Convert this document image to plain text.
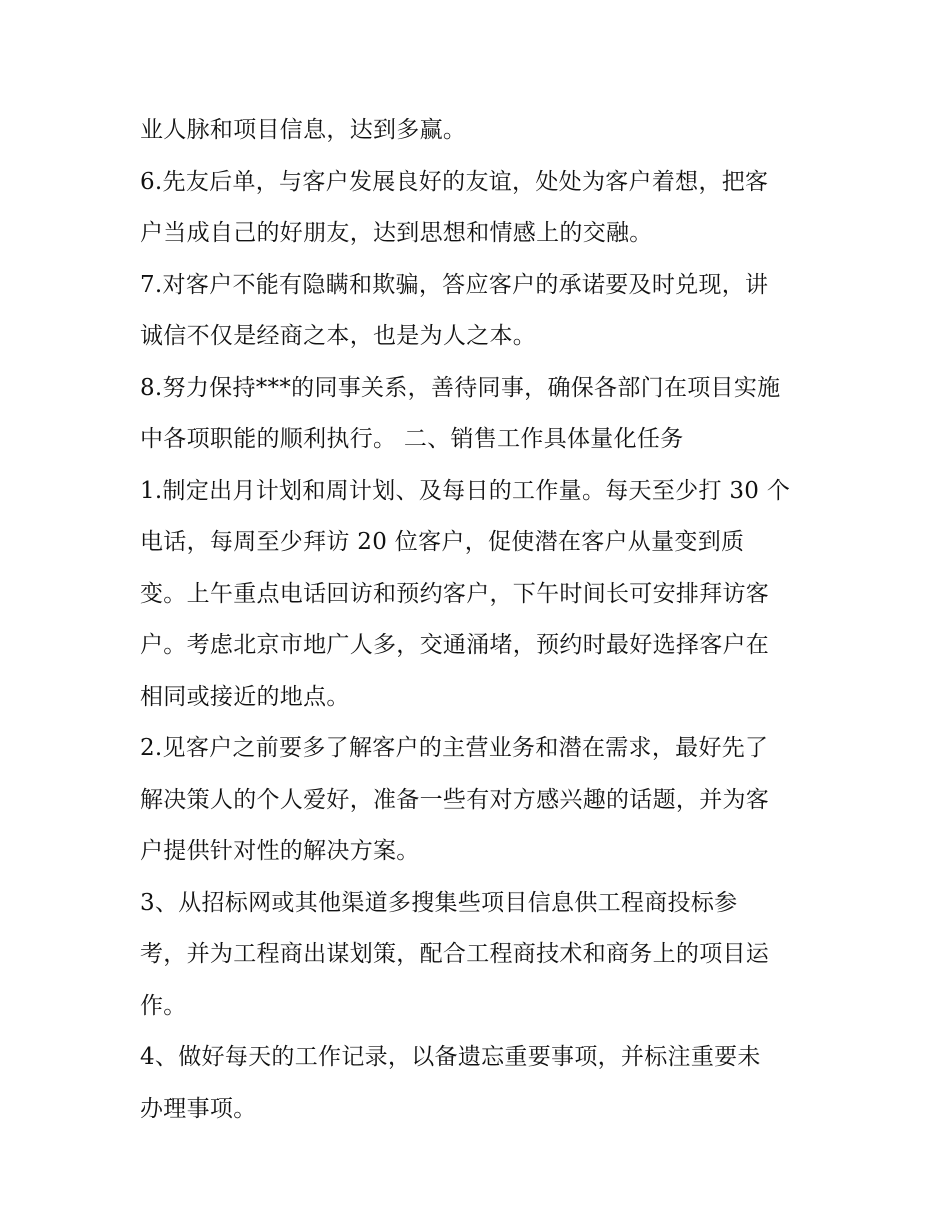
业人脉和项目信息，达到多赢。
6.先友后单，与客户发展良好的友谊，处处为客户着想，把客
户当成自己的好朋友，达到思想和情感上的交融。
7.对客户不能有隐瞒和欺骗，答应客户的承诺要及时兑现，讲
诚信不仅是经商之本，也是为人之本。
8.努力保持***的同事关系，善待同事，确保各部门在项目实施
中各项职能的顺利执行。 二、销售工作具体量化任务
1.制定出月计划和周计划、及每日的工作量。每天至少打 30 个
电话，每周至少拜访 20 位客户，促使潜在客户从量变到质
变。上午重点电话回访和预约客户，下午时间长可安排拜访客
户。考虑北京市地广人多，交通涌堵，预约时最好选择客户在
相同或接近的地点。
2.见客户之前要多了解客户的主营业务和潜在需求，最好先了
解决策人的个人爱好，准备一些有对方感兴趣的话题，并为客
户提供针对性的解决方案。
3、从招标网或其他渠道多搜集些项目信息供工程商投标参
考，并为工程商出谋划策，配合工程商技术和商务上的项目运
作。
4、做好每天的工作记录，以备遗忘重要事项，并标注重要未
办理事项。
